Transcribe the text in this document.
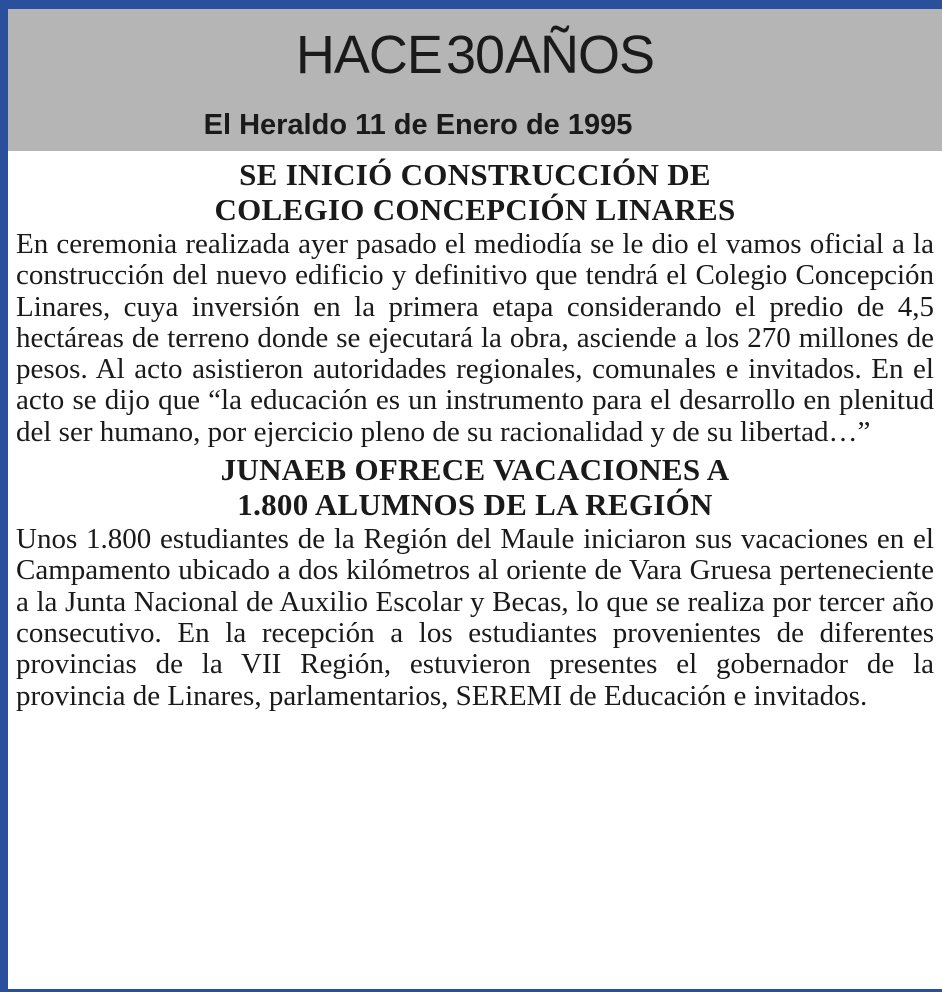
HACE 30 AÑOS
El Heraldo 11 de Enero de 1995

SE INICIÓ CONSTRUCCIÓN DE
COLEGIO CONCEPCIÓN LINARES

En ceremonia realizada ayer pasado el mediodía se le dio el vamos oficial a la construcción del nuevo edificio y definitivo que tendrá el Colegio Concepción Linares, cuya inversión en la primera etapa considerando el predio de 4,5 hectáreas de terreno donde se ejecutará la obra, asciende a los 270 millones de pesos. Al acto asistieron autoridades regionales, comunales e invitados. En el acto se dijo que “la educación es un instrumento para el desarrollo en plenitud del ser humano, por ejercicio pleno de su racionalidad y de su libertad…”

JUNAEB OFRECE VACACIONES A
1.800 ALUMNOS DE LA REGIÓN

Unos 1.800 estudiantes de la Región del Maule iniciaron sus vacaciones en el Campamento ubicado a dos kilómetros al oriente de Vara Gruesa perteneciente a la Junta Nacional de Auxilio Escolar y Becas, lo que se realiza por tercer año consecutivo. En la recepción a los estudiantes provenientes de diferentes provincias de la VII Región, estuvieron presentes el gobernador de la provincia de Linares, parlamentarios, SEREMI de Educación e invitados.
